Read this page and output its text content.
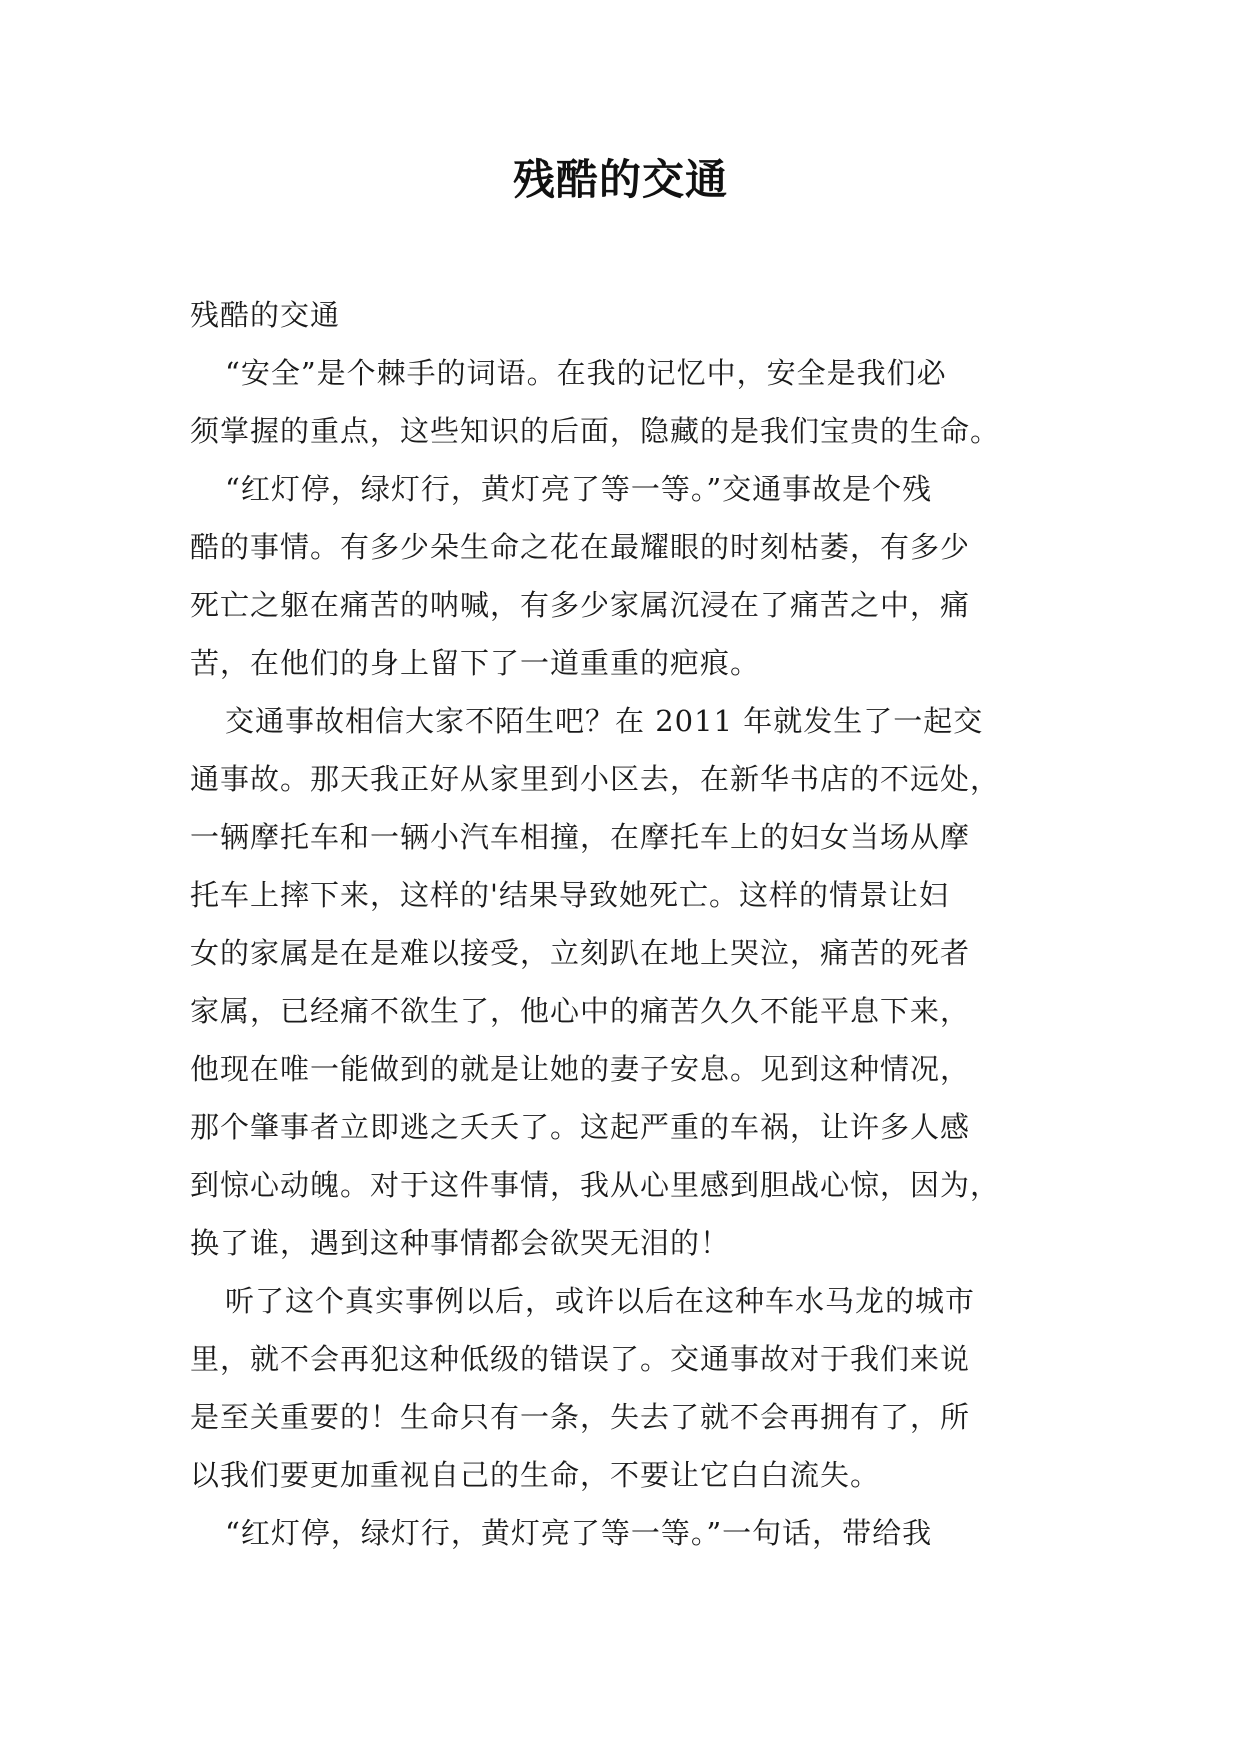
残酷的交通
残酷的交通
“安全”是个棘手的词语。在我的记忆中，安全是我们必
须掌握的重点，这些知识的后面，隐藏的是我们宝贵的生命。
“红灯停，绿灯行，黄灯亮了等一等。”交通事故是个残
酷的事情。有多少朵生命之花在最耀眼的时刻枯萎，有多少
死亡之躯在痛苦的呐喊，有多少家属沉浸在了痛苦之中，痛
苦，在他们的身上留下了一道重重的疤痕。
交通事故相信大家不陌生吧？在 2011 年就发生了一起交
通事故。那天我正好从家里到小区去，在新华书店的不远处，
一辆摩托车和一辆小汽车相撞，在摩托车上的妇女当场从摩
托车上摔下来，这样的'结果导致她死亡。这样的情景让妇
女的家属是在是难以接受，立刻趴在地上哭泣，痛苦的死者
家属，已经痛不欲生了，他心中的痛苦久久不能平息下来，
他现在唯一能做到的就是让她的妻子安息。见到这种情况，
那个肇事者立即逃之夭夭了。这起严重的车祸，让许多人感
到惊心动魄。对于这件事情，我从心里感到胆战心惊，因为，
换了谁，遇到这种事情都会欲哭无泪的！
听了这个真实事例以后，或许以后在这种车水马龙的城市
里，就不会再犯这种低级的错误了。交通事故对于我们来说
是至关重要的！生命只有一条，失去了就不会再拥有了，所
以我们要更加重视自己的生命，不要让它白白流失。
“红灯停，绿灯行，黄灯亮了等一等。”一句话，带给我
